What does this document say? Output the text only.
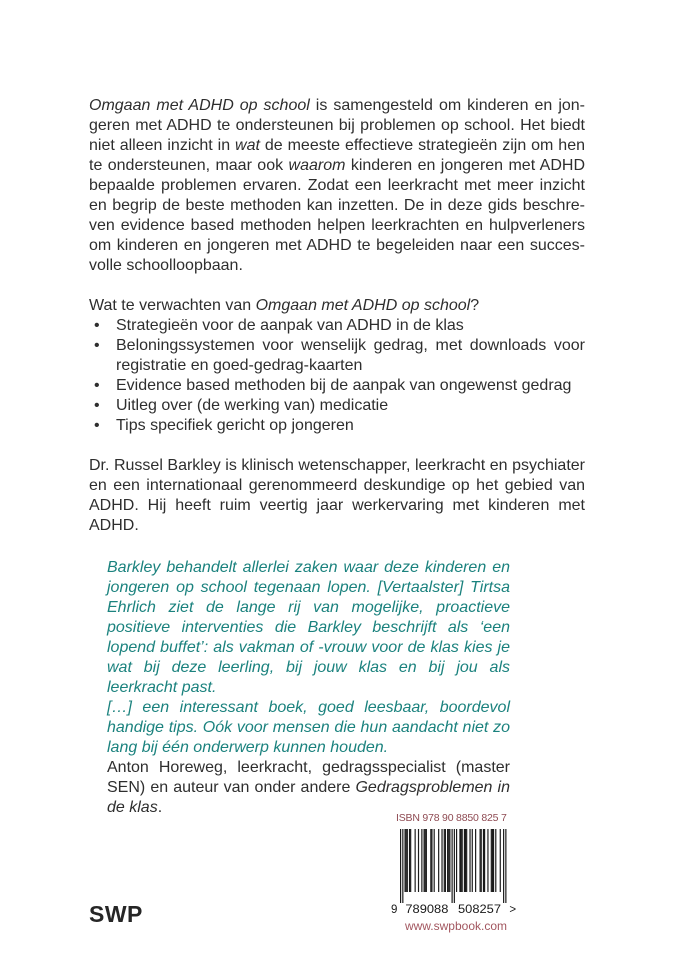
Omgaan met ADHD op school is samengesteld om kinderen en jongeren met ADHD te ondersteunen bij problemen op school. Het biedt niet alleen inzicht in wat de meeste effectieve strategieën zijn om hen te ondersteunen, maar ook waarom kinderen en jongeren met ADHD bepaalde problemen ervaren. Zodat een leerkracht met meer inzicht en begrip de beste methoden kan inzetten. De in deze gids beschreven evidence based methoden helpen leerkrachten en hulpverleners om kinderen en jongeren met ADHD te begeleiden naar een succesvolle schoolloopbaan.

Wat te verwachten van Omgaan met ADHD op school?

• Strategieën voor de aanpak van ADHD in de klas
• Beloningssystemen voor wenselijk gedrag, met downloads voor registratie en goed-gedrag-kaarten
• Evidence based methoden bij de aanpak van ongewenst gedrag
• Uitleg over (de werking van) medicatie
• Tips specifiek gericht op jongeren

Dr. Russel Barkley is klinisch wetenschapper, leerkracht en psychiater en een internationaal gerenommeerd deskundige op het gebied van ADHD. Hij heeft ruim veertig jaar werkervaring met kinderen met ADHD.

Barkley behandelt allerlei zaken waar deze kinderen en jongeren op school tegenaan lopen. [Vertaalster] Tirtsa Ehrlich ziet de lange rij van mogelijke, proactieve positieve interventies die Barkley beschrijft als ‘een lopend buffet’: als vakman of -vrouw voor de klas kies je wat bij deze leerling, bij jouw klas en bij jou als leerkracht past.

[…] een interessant boek, goed leesbaar, boordevol handige tips. Oók voor mensen die hun aandacht niet zo lang bij één onderwerp kunnen houden.

Anton Horeweg, leerkracht, gedragsspecialist (master SEN) en auteur van onder andere Gedragsproblemen in de klas.

SWP
ISBN 978 90 8850 825 7
9 789088 508257 >
www.swpbook.com
